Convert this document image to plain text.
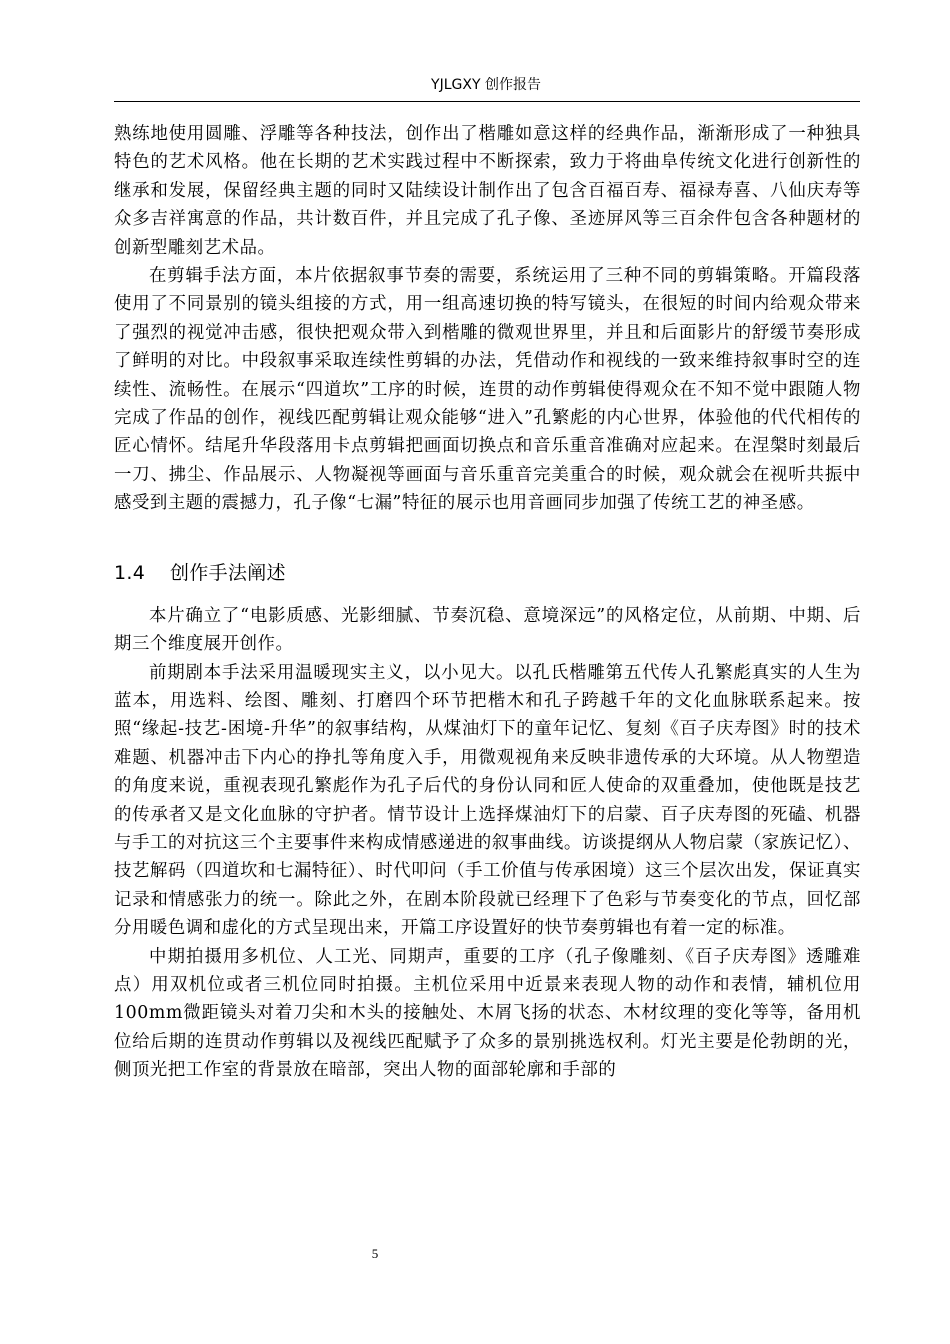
YJLGXY 创作报告

熟练地使用圆雕、浮雕等各种技法，创作出了楷雕如意这样的经典作品，渐渐形成了一种独具特色的艺术风格。他在长期的艺术实践过程中不断探索，致力于将曲阜传统文化进行创新性的继承和发展，保留经典主题的同时又陆续设计制作出了包含百福百寿、福禄寿喜、八仙庆寿等众多吉祥寓意的作品，共计数百件，并且完成了孔子像、圣迹屏风等三百余件包含各种题材的创新型雕刻艺术品。

在剪辑手法方面，本片依据叙事节奏的需要，系统运用了三种不同的剪辑策略。开篇段落使用了不同景别的镜头组接的方式，用一组高速切换的特写镜头，在很短的时间内给观众带来了强烈的视觉冲击感，很快把观众带入到楷雕的微观世界里，并且和后面影片的舒缓节奏形成了鲜明的对比。中段叙事采取连续性剪辑的办法，凭借动作和视线的一致来维持叙事时空的连续性、流畅性。在展示“四道坎”工序的时候，连贯的动作剪辑使得观众在不知不觉中跟随人物完成了作品的创作，视线匹配剪辑让观众能够“进入”孔繁彪的内心世界，体验他的代代相传的匠心情怀。结尾升华段落用卡点剪辑把画面切换点和音乐重音准确对应起来。在涅槃时刻最后一刀、拂尘、作品展示、人物凝视等画面与音乐重音完美重合的时候，观众就会在视听共振中感受到主题的震撼力，孔子像“七漏”特征的展示也用音画同步加强了传统工艺的神圣感。

1.4 创作手法阐述

本片确立了“电影质感、光影细腻、节奏沉稳、意境深远”的风格定位，从前期、中期、后期三个维度展开创作。

前期剧本手法采用温暖现实主义，以小见大。以孔氏楷雕第五代传人孔繁彪真实的人生为蓝本，用选料、绘图、雕刻、打磨四个环节把楷木和孔子跨越千年的文化血脉联系起来。按照“缘起-技艺-困境-升华”的叙事结构，从煤油灯下的童年记忆、复刻《百子庆寿图》时的技术难题、机器冲击下内心的挣扎等角度入手，用微观视角来反映非遗传承的大环境。从人物塑造的角度来说，重视表现孔繁彪作为孔子后代的身份认同和匠人使命的双重叠加，使他既是技艺的传承者又是文化血脉的守护者。情节设计上选择煤油灯下的启蒙、百子庆寿图的死磕、机器与手工的对抗这三个主要事件来构成情感递进的叙事曲线。访谈提纲从人物启蒙（家族记忆）、技艺解码（四道坎和七漏特征）、时代叩问（手工价值与传承困境）这三个层次出发，保证真实记录和情感张力的统一。除此之外，在剧本阶段就已经理下了色彩与节奏变化的节点，回忆部分用暖色调和虚化的方式呈现出来，开篇工序设置好的快节奏剪辑也有着一定的标准。

中期拍摄用多机位、人工光、同期声，重要的工序（孔子像雕刻、《百子庆寿图》透雕难点）用双机位或者三机位同时拍摄。主机位采用中近景来表现人物的动作和表情，辅机位用100mm微距镜头对着刀尖和木头的接触处、木屑飞扬的状态、木材纹理的变化等等，备用机位给后期的连贯动作剪辑以及视线匹配赋予了众多的景别挑选权利。灯光主要是伦勃朗的光，侧顶光把工作室的背景放在暗部，突出人物的面部轮廓和手部的

5
